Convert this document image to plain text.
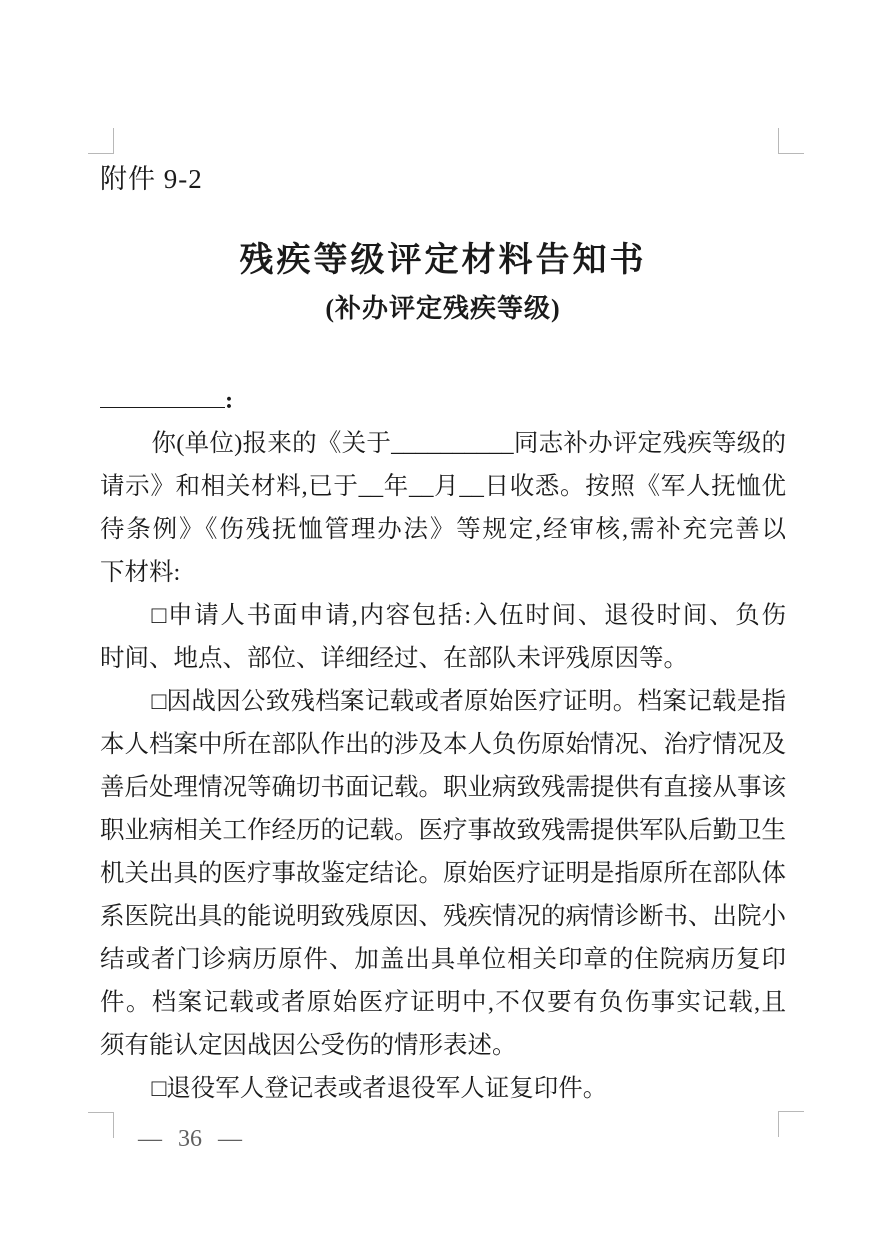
附件 9-2
残疾等级评定材料告知书
(补办评定残疾等级)
:
你(单位)报来的《关于__________同志补办评定残疾等级的
请示》和相关材料,已于__年__月__日收悉。按照《军人抚恤优
待条例》《伤残抚恤管理办法》等规定,经审核,需补充完善以
下材料:
□申请人书面申请,内容包括:入伍时间、退役时间、负伤
时间、地点、部位、详细经过、在部队未评残原因等。
□因战因公致残档案记载或者原始医疗证明。档案记载是指
本人档案中所在部队作出的涉及本人负伤原始情况、治疗情况及
善后处理情况等确切书面记载。职业病致残需提供有直接从事该
职业病相关工作经历的记载。医疗事故致残需提供军队后勤卫生
机关出具的医疗事故鉴定结论。原始医疗证明是指原所在部队体
系医院出具的能说明致残原因、残疾情况的病情诊断书、出院小
结或者门诊病历原件、加盖出具单位相关印章的住院病历复印
件。档案记载或者原始医疗证明中,不仅要有负伤事实记载,且
须有能认定因战因公受伤的情形表述。
□退役军人登记表或者退役军人证复印件。
— 36 —
